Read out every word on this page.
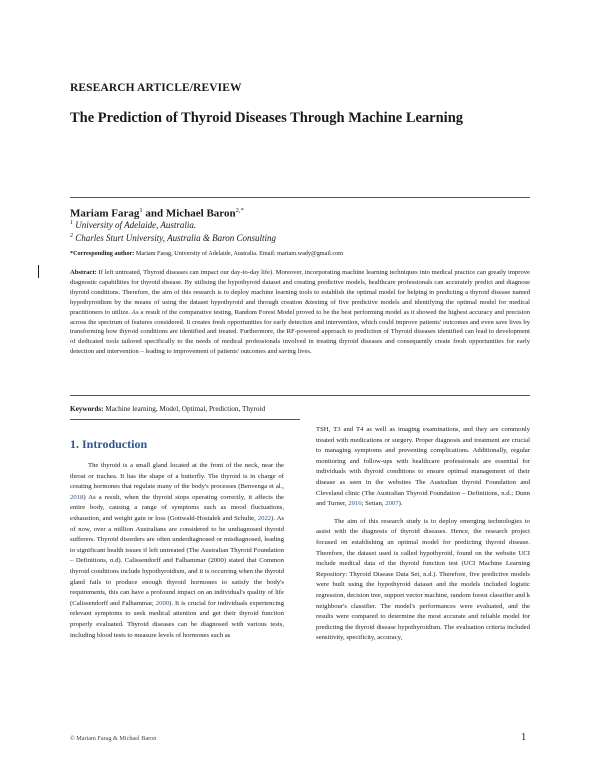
RESEARCH ARTICLE/REVIEW
The Prediction of Thyroid Diseases Through Machine Learning
Mariam Farag$^1$ and Michael Baron$^{2,*}$
$^1$ University of Adelaide, Australia.
$^2$ Charles Sturt University, Australia & Baron Consulting
*Corresponding author: Mariam Farag, University of Adelaide, Australia. Email: mariam.wady@gmail.com
Abstract: If left untreated, Thyroid diseases can impact our day-to-day life). Moreover, incorporating machine learning techniques into medical practice can greatly improve diagnostic capabilities for thyroid disease. By utilising the hypothyroid dataset and creating predictive models, healthcare professionals can accurately predict and diagnose thyroid conditions. Therefore, the aim of this research is to deploy machine learning tools to establish the optimal model for helping in predicting a thyroid disease named hypothyroidism by the means of using the dataset hypothyroid and through creation &testing of five predictive models and identifying the optimal model for medical practitioners to utilize. As a result of the comparative testing, Random Forest Model proved to be the best performing model as it showed the highest accuracy and precision across the spectrum of features considered. It creates fresh opportunities for early detection and intervention, which could improve patients' outcomes and even save lives by transforming how thyroid conditions are identified and treated. Furthermore, the RF-powered approach to prediction of Thyroid diseases identified can lead to development of dedicated tools tailored specifically to the needs of medical professionals involved in treating thyroid diseases and consequently create fresh opportunities for early detection and intervention – leading to improvement of patients' outcomes and saving lives.
Keywords: Machine learning, Model, Optimal, Prediction, Thyroid
1. Introduction

The thyroid is a small gland located at the front of the neck, near the throat or trachea. It has the shape of a butterfly. The thyroid is in charge of creating hormones that regulate many of the body's processes (Benvenga et al., 2018) As a result, when the thyroid stops operating correctly, it affects the entire body, causing a range of symptoms such as mood fluctuations, exhaustion, and weight gain or loss (Gottwald-Hostalek and Schulte, 2022). As of now, over a million Australians are considered to be undiagnosed thyroid sufferers. Thyroid disorders are often underdiagnosed or misdiagnosed, leading to significant health issues if left untreated (The Australian Thyroid Foundation – Definitions, n.d). Calissendorff and Falhammar (2000) stated that Common thyroid conditions include hypothyroidism, and it is occurring when the thyroid gland fails to produce enough thyroid hormones to satisfy the body's requirements, this can have a profound impact on an individual's quality of life (Calissendorff and Falhammar, 2000). It is crucial for individuals experiencing relevant symptoms to seek medical attention and get their thyroid function properly evaluated. Thyroid diseases can be diagnosed with various tests, including blood tests to measure levels of hormones such as

TSH, T3 and T4 as well as imaging examinations, and they are commonly treated with medications or surgery. Proper diagnosis and treatment are crucial to managing symptoms and preventing complications. Additionally, regular monitoring and follow-ups with healthcare professionals are essential for individuals with thyroid conditions to ensure optimal management of their disease as seen in the websites The Australian thyroid Foundation and Cleveland clinic (The Australian Thyroid Foundation – Definitions, n.d.; Dunn and Turner, 2016; Setian, 2007).

The aim of this research study is to deploy emerging technologies to assist with the diagnosis of thyroid diseases. Hence, the research project focused on establishing an optimal model for predicting thyroid disease. Therefore, the dataset used is called hypothyroid, found on the website UCI include medical data of the thyroid function test (UCI Machine Learning Repository: Thyroid Disease Data Set, n.d.). Therefore, five predictive models were built using the hypothyroid dataset and the models included logistic regression, decision tree, support vector machine, random forest classifier and k neighbour's classifier. The model's performances were evaluated, and the results were compared to determine the most accurate and reliable model for predicting the thyroid disease hypothyroidism. The evaluation criteria included sensitivity, specificity, accuracy,

© Mariam Farag & Michael Baron	1
